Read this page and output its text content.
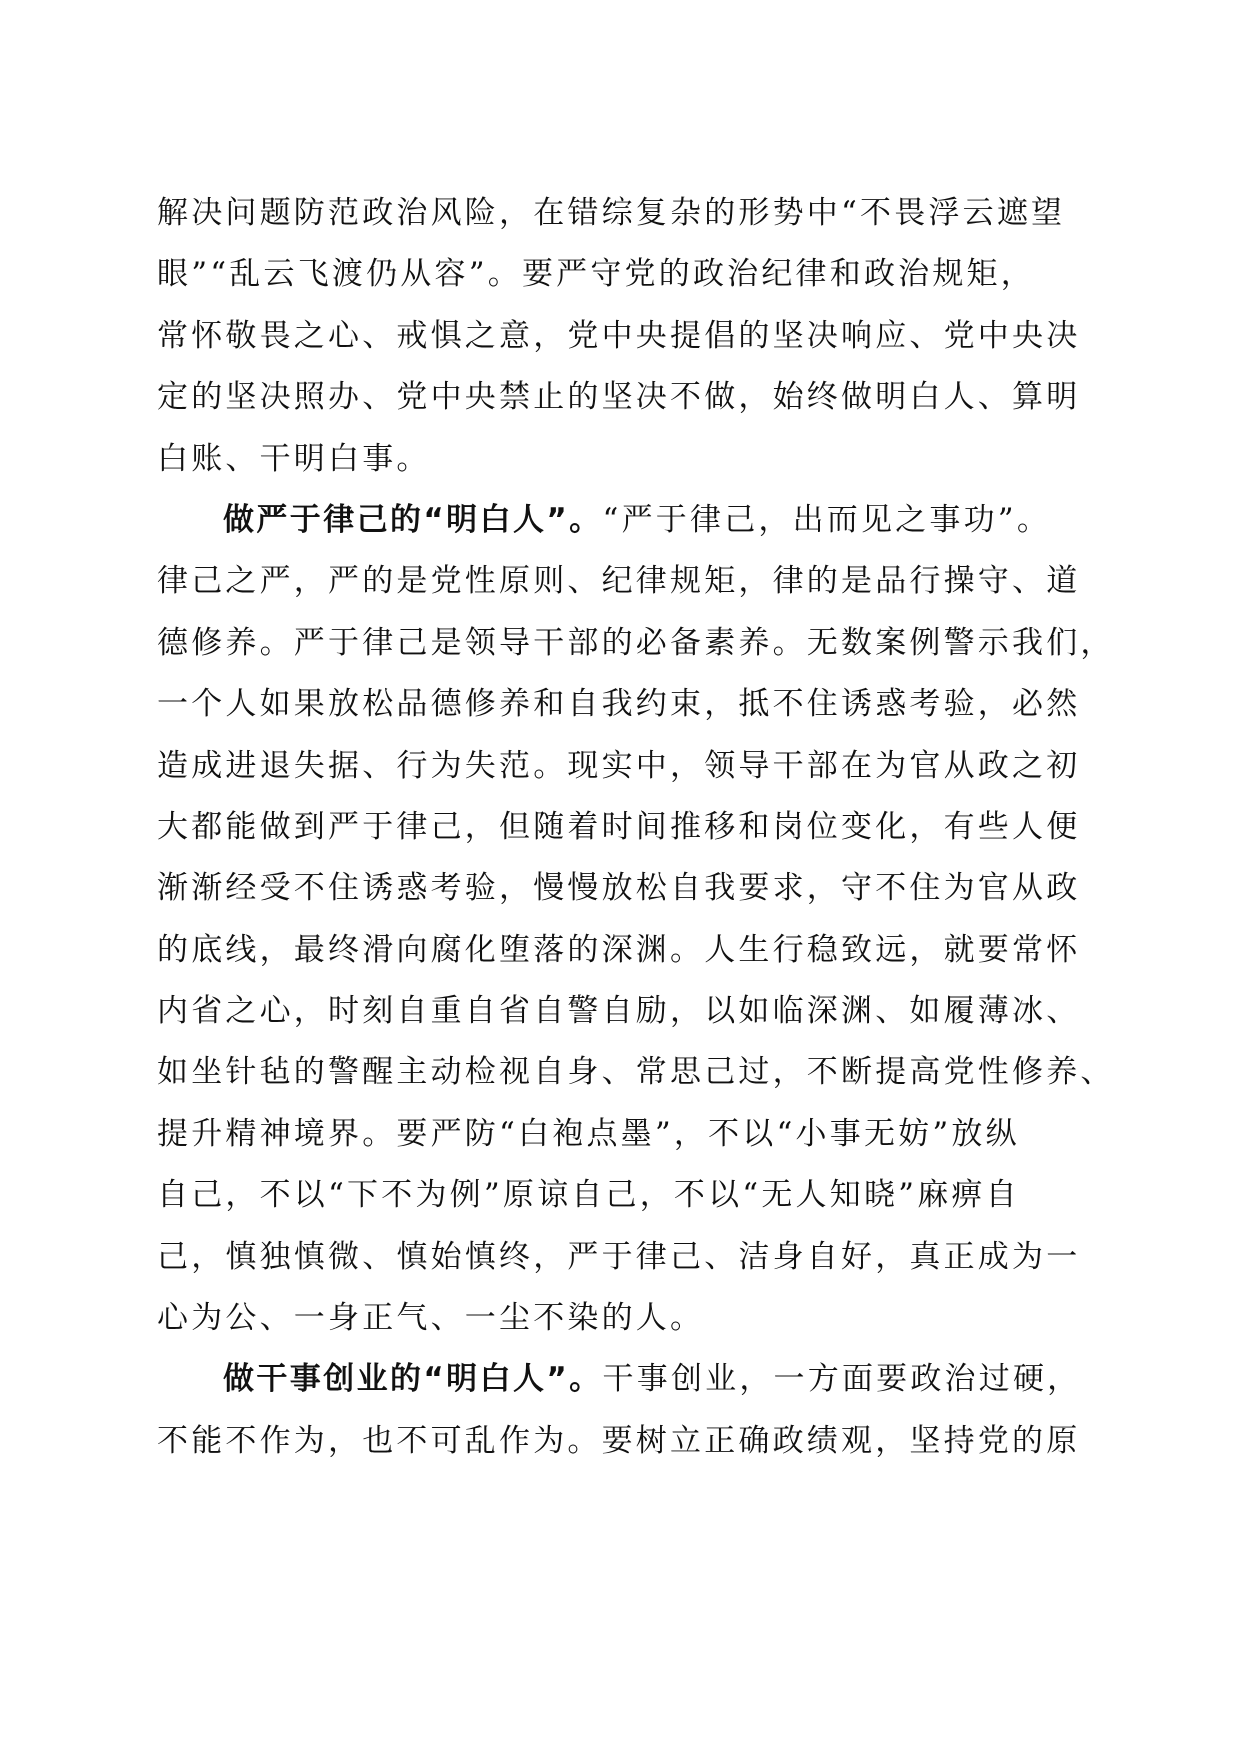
解决问题防范政治风险，在错综复杂的形势中“不畏浮云遮望
眼”“乱云飞渡仍从容”。要严守党的政治纪律和政治规矩，
常怀敬畏之心、戒惧之意，党中央提倡的坚决响应、党中央决
定的坚决照办、党中央禁止的坚决不做，始终做明白人、算明
白账、干明白事。
做严于律己的“明白人”。“严于律己，出而见之事功”。
律己之严，严的是党性原则、纪律规矩，律的是品行操守、道
德修养。严于律己是领导干部的必备素养。无数案例警示我们，
一个人如果放松品德修养和自我约束，抵不住诱惑考验，必然
造成进退失据、行为失范。现实中，领导干部在为官从政之初
大都能做到严于律己，但随着时间推移和岗位变化，有些人便
渐渐经受不住诱惑考验，慢慢放松自我要求，守不住为官从政
的底线，最终滑向腐化堕落的深渊。人生行稳致远，就要常怀
内省之心，时刻自重自省自警自励，以如临深渊、如履薄冰、
如坐针毡的警醒主动检视自身、常思己过，不断提高党性修养、
提升精神境界。要严防“白袍点墨”，不以“小事无妨”放纵
自己，不以“下不为例”原谅自己，不以“无人知晓”麻痹自
己，慎独慎微、慎始慎终，严于律己、洁身自好，真正成为一
心为公、一身正气、一尘不染的人。
做干事创业的“明白人”。干事创业，一方面要政治过硬，
不能不作为，也不可乱作为。要树立正确政绩观，坚持党的原
